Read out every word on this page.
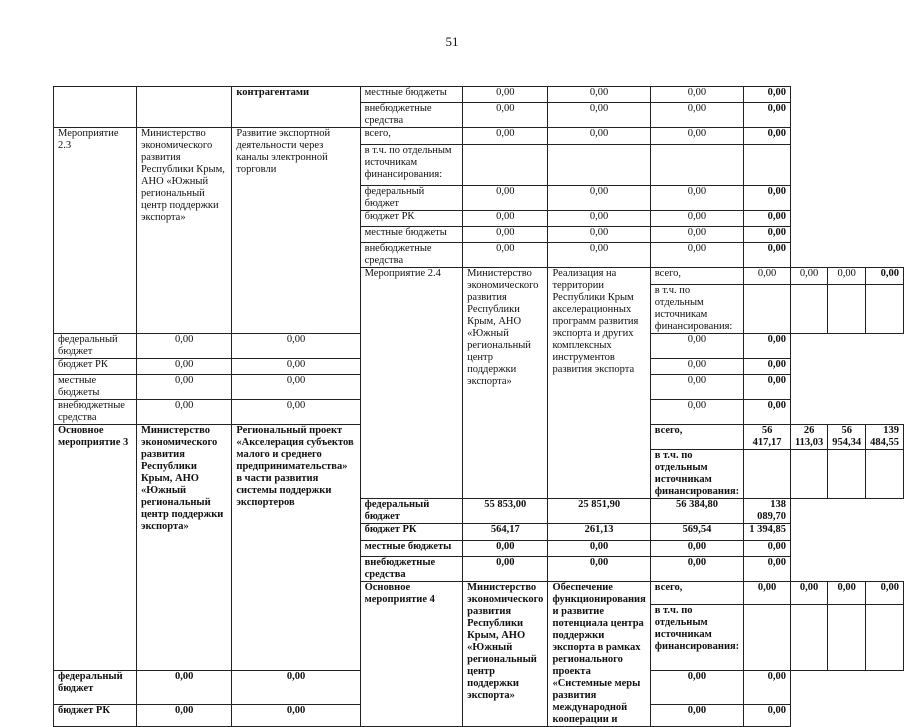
51
		контрагентами	местные бюджеты	0,00	0,00	0,00	0,00			
			внебюджетные средства	0,00	0,00	0,00	0,00			
Мероприятие 2.3	Министерство экономического развития Республики Крым, АНО «Южный региональный центр поддержки экспорта»	Развитие экспортной деятельности через каналы электронной торговли	всего,	0,00	0,00	0,00	0,00			
			в т.ч. по отдельным источникам финансирования:							
			федеральный бюджет	0,00	0,00	0,00	0,00			
			бюджет РК	0,00	0,00	0,00	0,00			
			местные бюджеты	0,00	0,00	0,00	0,00			
			внебюджетные средства	0,00	0,00	0,00	0,00			
			Мероприятие 2.4	Министерство экономического развития Республики Крым, АНО «Южный региональный центр поддержки экспорта»	Реализация на территории Республики Крым акселерационных программ развития экспорта и других комплексных инструментов развития экспорта	всего,	0,00	0,00	0,00	0,00
						в т.ч. по отдельным источникам финансирования:				
федеральный бюджет	0,00	0,00				0,00	0,00			
бюджет РК	0,00	0,00				0,00	0,00			
местные бюджеты	0,00	0,00				0,00	0,00			
внебюджетные средства	0,00	0,00				0,00	0,00			
Основное мероприятие 3	Министерство экономического развития Республики Крым, АНО «Южный региональный центр поддержки экспорта»	Региональный проект «Акселерация субъектов малого и среднего предпринимательства» в части развития системы поддержки экспортеров				всего,	56 417,17	26 113,03	56 954,34	139 484,55
						в т.ч. по отдельным источникам финансирования:				
			федеральный бюджет	55 853,00	25 851,90	56 384,80	138 089,70			
			бюджет РК	564,17	261,13	569,54	1 394,85			
			местные бюджеты	0,00	0,00	0,00	0,00			
			внебюджетные средства	0,00	0,00	0,00	0,00			
			Основное мероприятие 4	Министерство экономического развития Республики Крым, АНО «Южный региональный центр поддержки экспорта»	Обеспечение функционирования и развитие потенциала центра поддержки экспорта в рамках регионального проекта «Системные меры развития международной кооперации и	всего,	0,00	0,00	0,00	0,00
						в т.ч. по отдельным источникам финансирования:				
федеральный бюджет	0,00	0,00				0,00	0,00			
бюджет РК	0,00	0,00				0,00	0,00			
